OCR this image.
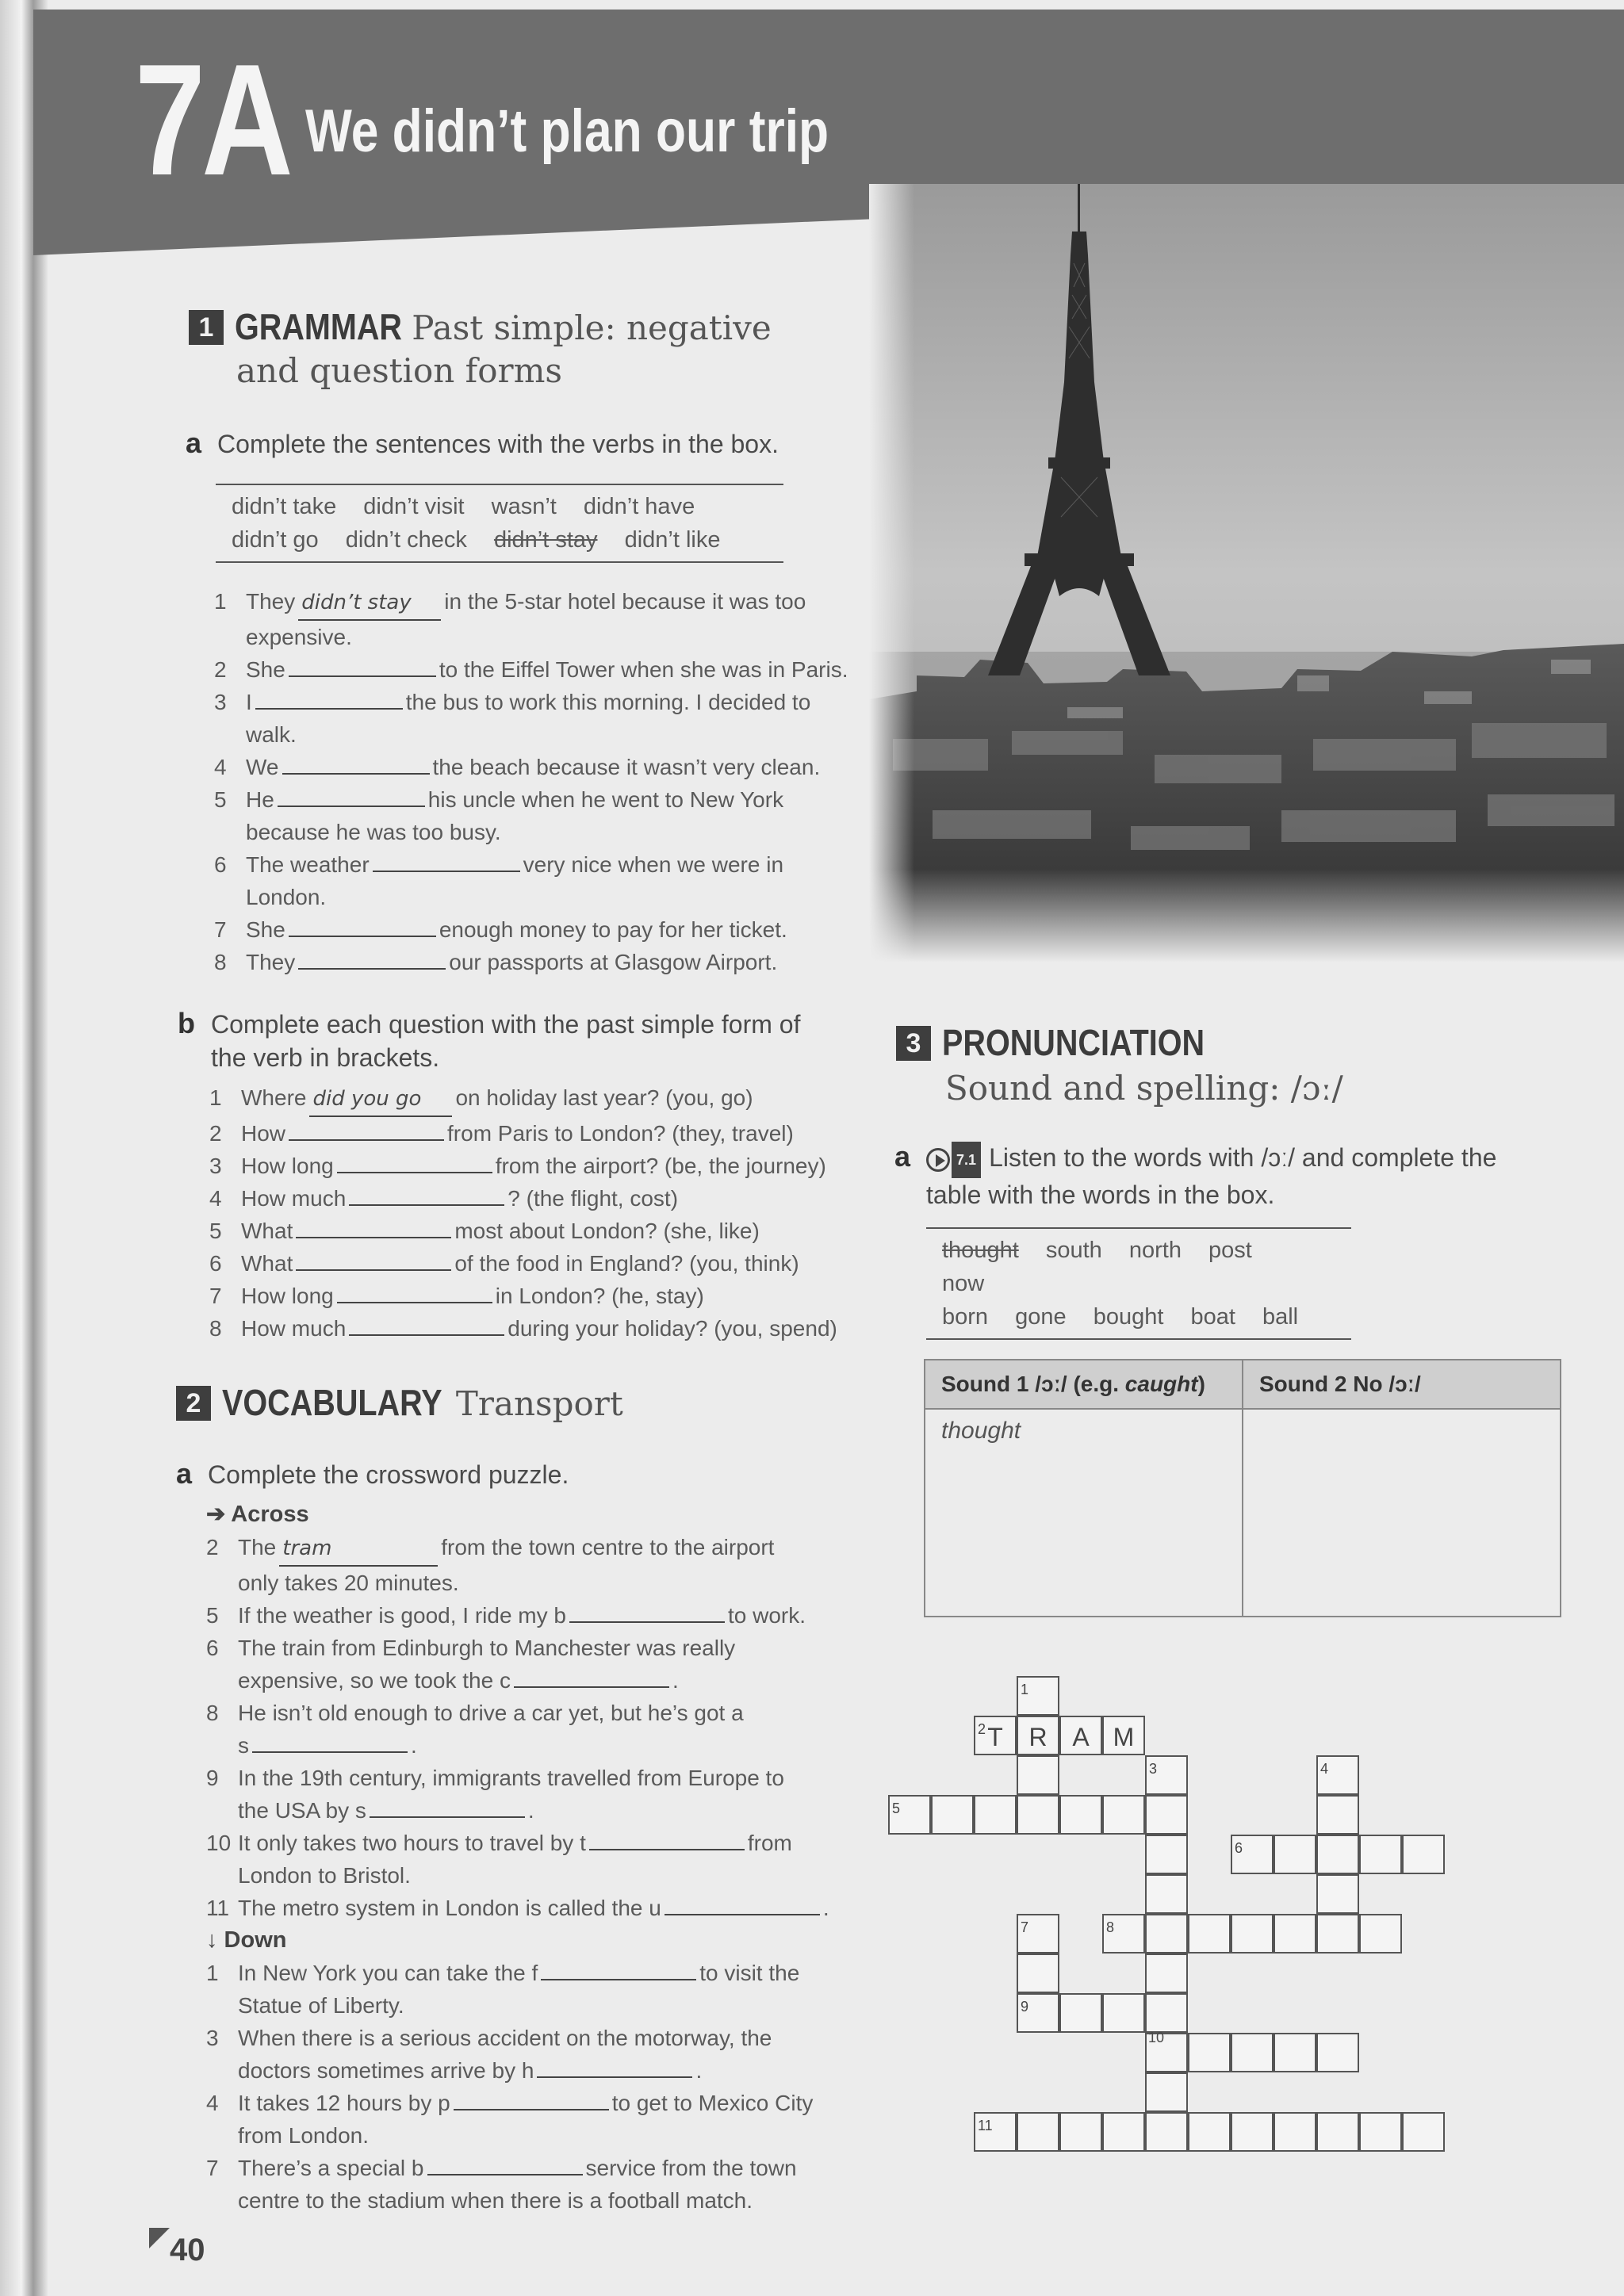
7A We didn’t plan our trip
1 GRAMMAR Past simple: negative
and question forms
a Complete the sentences with the verbs in the box.
didn’t take didn’t visit wasn’t didn’t have
didn’t go didn’t check didn’t stay didn’t like
1 They didn’t stay in the 5-star hotel because it was too
expensive.
2 She	to the Eiffel Tower when she was in Paris.
3 I	the bus to work this morning. I decided to
walk.
4 We	the beach because it wasn’t very clean.
5 He	his uncle when he went to New York
because he was too busy.
6 The weather	very nice when we were in
London.
7 She	enough money to pay for her ticket.
8 They	our passports at Glasgow Airport.
b Complete each question with the past simple form of
the verb in brackets.
1 Where did you go on holiday last year? (you, go)
2 How	from Paris to London? (they, travel)
3 How long	from the airport? (be, the journey)
4 How much	? (the flight, cost)
5 What	most about London? (she, like)
6 What	of the food in England? (you, think)
7 How long	in London? (he, stay)
8 How much	during your holiday? (you, spend)
2 VOCABULARY Transport
a Complete the crossword puzzle.
➔ Across
2 The tram	from the town centre to the airport
only takes 20 minutes.
5 If the weather is good, I ride my b	to work.
6 The train from Edinburgh to Manchester was really
expensive, so we took the c	.
8 He isn’t old enough to drive a car yet, but he’s got a
s	.
9 In the 19th century, immigrants travelled from Europe to
the USA by s	.
10 It only takes two hours to travel by t	from
London to Bristol.
11 The metro system in London is called the u	.
↓ Down
1 In New York you can take the f	to visit the
Statue of Liberty.
3 When there is a serious accident on the motorway, the
doctors sometimes arrive by h	.
4 It takes 12 hours by p	to get to Mexico City
from London.
7 There’s a special b	service from the town
centre to the stadium when there is a football match.
3 PRONUNCIATION
Sound and spelling: /ɔː/
a	7.1 Listen to the words with /ɔː/ and complete the
table with the words in the box.
thought south north post now
born gone bought boat ball
Sound 1 /ɔː/ (e.g. caught)	Sound 2 No /ɔː/
thought	
1
2 T	R A M
3	4
5
6
7	8
9
10
11
40
